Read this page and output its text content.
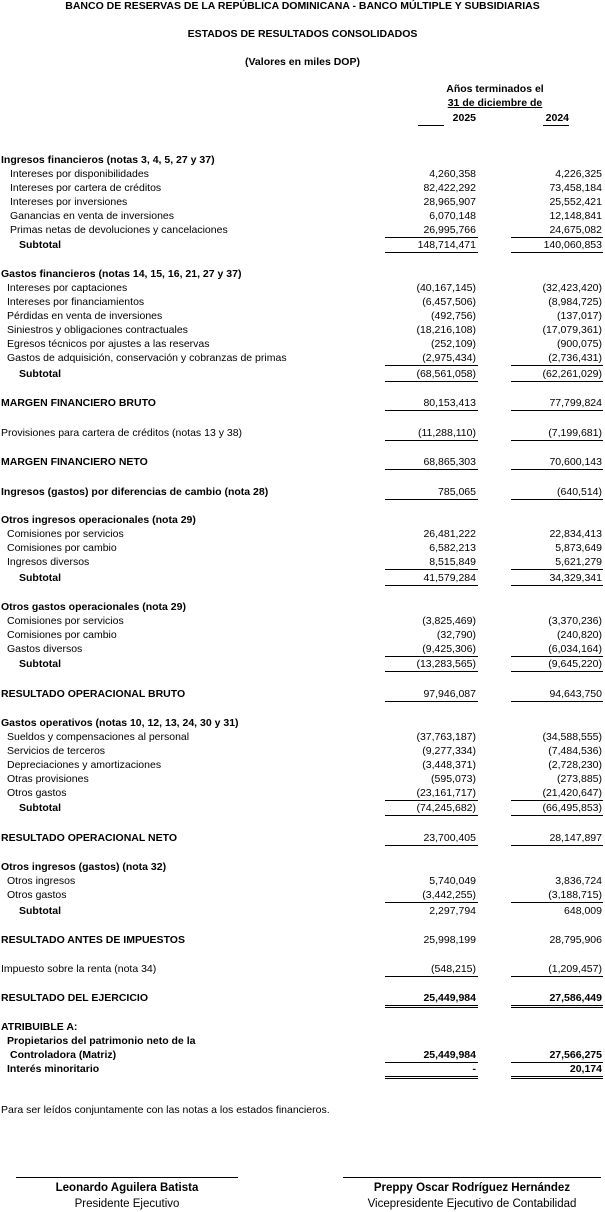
BANCO DE RESERVAS DE LA REPÚBLICA DOMINICANA - BANCO MÚLTIPLE Y SUBSIDIARIAS
ESTADOS DE RESULTADOS CONSOLIDADOS
(Valores en miles DOP)
Años terminados el
31 de diciembre de
2025	2024
Ingresos financieros (notas 3, 4, 5, 27 y 37)
Intereses por disponibilidades	4,260,358	4,226,325
Intereses por cartera de créditos	82,422,292	73,458,184
Intereses por inversiones	28,965,907	25,552,421
Ganancias en venta de inversiones	6,070,148	12,148,841
Primas netas de devoluciones y cancelaciones	26,995,766	24,675,082
Subtotal	148,714,471	140,060,853
Gastos financieros (notas 14, 15, 16, 21, 27 y 37)
Intereses por captaciones	(40,167,145)	(32,423,420)
Intereses por financiamientos	(6,457,506)	(8,984,725)
Pérdidas en venta de inversiones	(492,756)	(137,017)
Siniestros y obligaciones contractuales	(18,216,108)	(17,079,361)
Egresos técnicos por ajustes a las reservas	(252,109)	(900,075)
Gastos de adquisición, conservación y cobranzas de primas	(2,975,434)	(2,736,431)
Subtotal	(68,561,058)	(62,261,029)
MARGEN FINANCIERO BRUTO	80,153,413	77,799,824
Provisiones para cartera de créditos (notas 13 y 38)	(11,288,110)	(7,199,681)
MARGEN FINANCIERO NETO	68,865,303	70,600,143
Ingresos (gastos) por diferencias de cambio (nota 28)	785,065	(640,514)
Otros ingresos operacionales (nota 29)
Comisiones por servicios	26,481,222	22,834,413
Comisiones por cambio	6,582,213	5,873,649
Ingresos diversos	8,515,849	5,621,279
Subtotal	41,579,284	34,329,341
Otros gastos operacionales (nota 29)
Comisiones por servicios	(3,825,469)	(3,370,236)
Comisiones por cambio	(32,790)	(240,820)
Gastos diversos	(9,425,306)	(6,034,164)
Subtotal	(13,283,565)	(9,645,220)
RESULTADO OPERACIONAL BRUTO	97,946,087	94,643,750
Gastos operativos (notas 10, 12, 13, 24, 30 y 31)
Sueldos y compensaciones al personal	(37,763,187)	(34,588,555)
Servicios de terceros	(9,277,334)	(7,484,536)
Depreciaciones y amortizaciones	(3,448,371)	(2,728,230)
Otras provisiones	(595,073)	(273,885)
Otros gastos	(23,161,717)	(21,420,647)
Subtotal	(74,245,682)	(66,495,853)
RESULTADO OPERACIONAL NETO	23,700,405	28,147,897
Otros ingresos (gastos) (nota 32)
Otros ingresos	5,740,049	3,836,724
Otros gastos	(3,442,255)	(3,188,715)
Subtotal	2,297,794	648,009
RESULTADO ANTES DE IMPUESTOS	25,998,199	28,795,906
Impuesto sobre la renta (nota 34)	(548,215)	(1,209,457)
RESULTADO DEL EJERCICIO	25,449,984	27,586,449
ATRIBUIBLE A:
Propietarios del patrimonio neto de la
Controladora (Matriz)	25,449,984	27,566,275
Interés minoritario	-	20,174
Para ser leídos conjuntamente con las notas a los estados financieros.
Leonardo Aguilera Batista
Presidente Ejecutivo
Preppy Oscar Rodríguez Hernández
Vicepresidente Ejecutivo de Contabilidad
